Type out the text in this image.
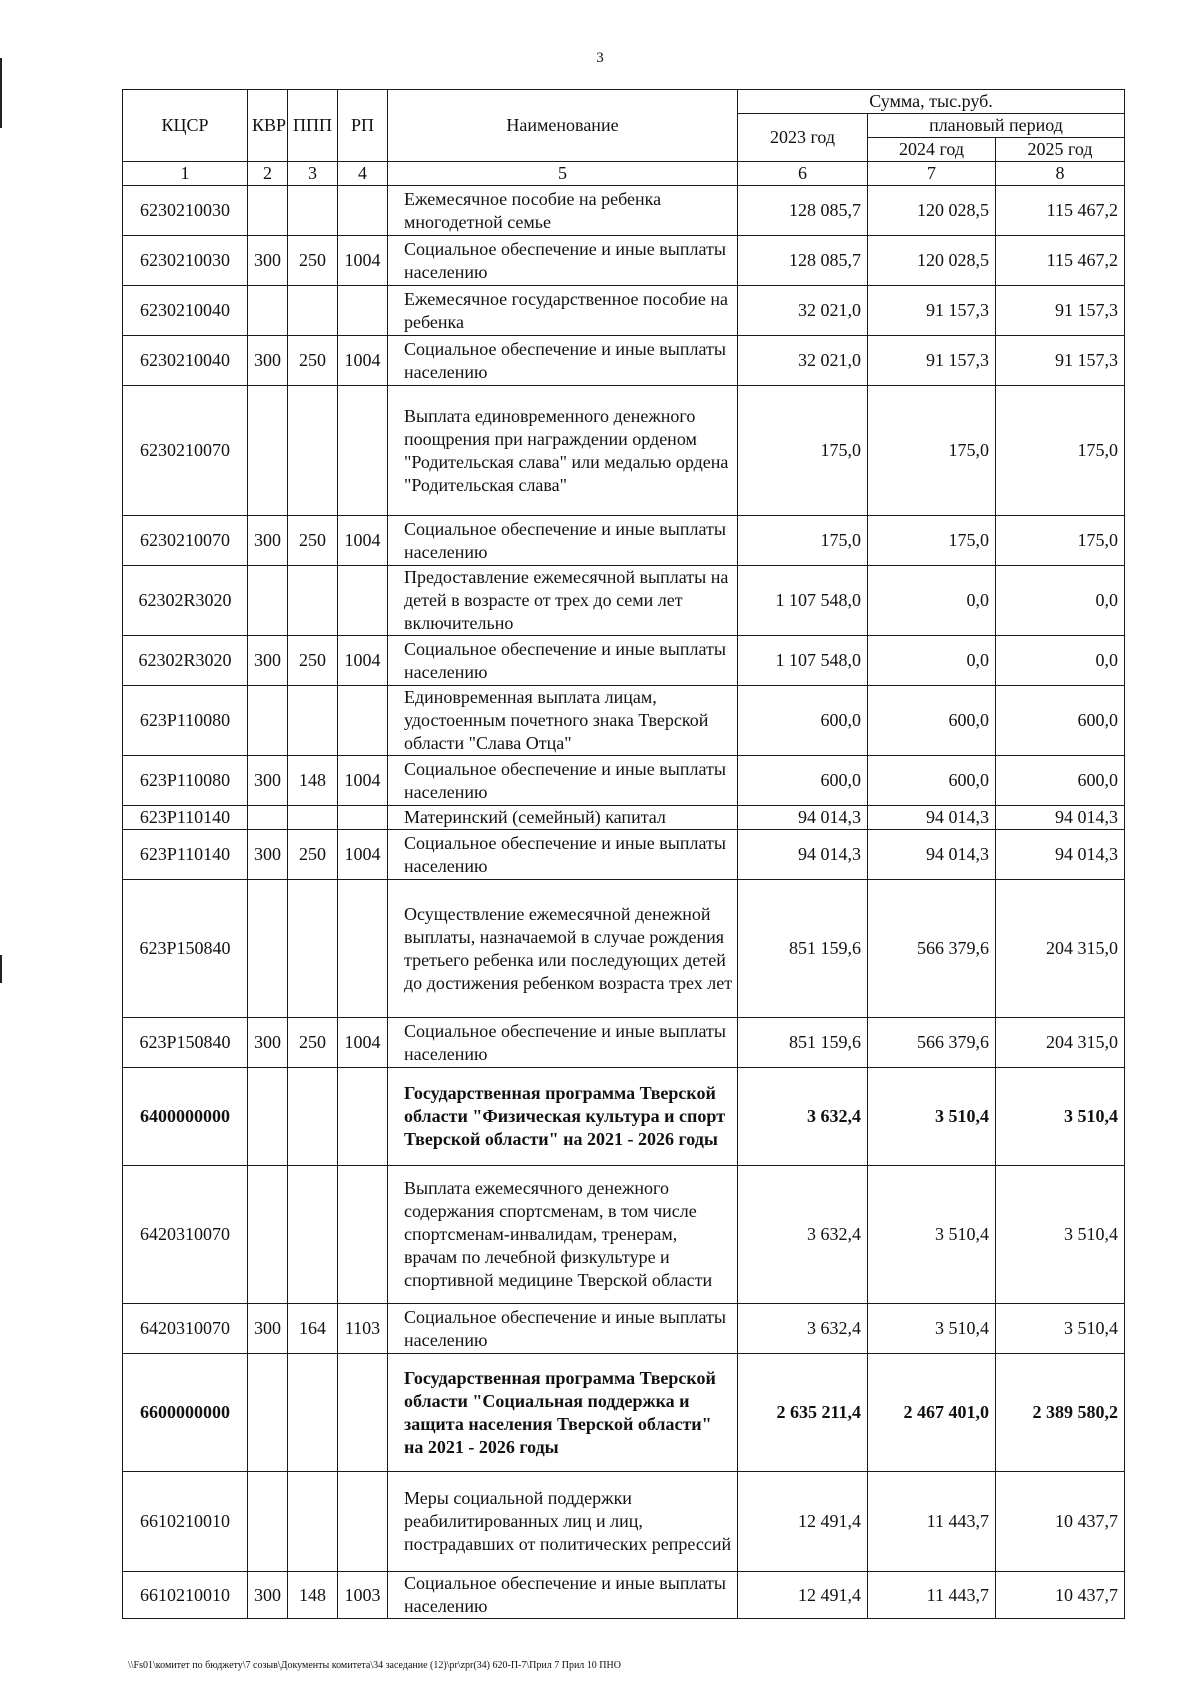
3
КЦСР	КВР	ППП	РП	Наименование	Сумма, тыс.руб.		
					2023 год	плановый период	
						2024 год	2025 год
1	2	3	4	5	6	7	8
6230210030				Ежемесячное пособие на ребенка многодетной семье	128 085,7	120 028,5	115 467,2
6230210030	300	250	1004	Социальное обеспечение и иные выплаты населению	128 085,7	120 028,5	115 467,2
6230210040				Ежемесячное государственное пособие на ребенка	32 021,0	91 157,3	91 157,3
6230210040	300	250	1004	Социальное обеспечение и иные выплаты населению	32 021,0	91 157,3	91 157,3
6230210070				Выплата единовременного денежного поощрения при награждении орденом "Родительская слава" или медалью ордена "Родительская слава"	175,0	175,0	175,0
6230210070	300	250	1004	Социальное обеспечение и иные выплаты населению	175,0	175,0	175,0
62302R3020				Предоставление ежемесячной выплаты на детей в возрасте от трех до семи лет включительно	1 107 548,0	0,0	0,0
62302R3020	300	250	1004	Социальное обеспечение и иные выплаты населению	1 107 548,0	0,0	0,0
623P110080				Единовременная выплата лицам, удостоенным почетного знака Тверской области "Слава Отца"	600,0	600,0	600,0
623P110080	300	148	1004	Социальное обеспечение и иные выплаты населению	600,0	600,0	600,0
623P110140				Материнский (семейный) капитал	94 014,3	94 014,3	94 014,3
623P110140	300	250	1004	Социальное обеспечение и иные выплаты населению	94 014,3	94 014,3	94 014,3
623P150840				Осуществление ежемесячной денежной выплаты, назначаемой в случае рождения третьего ребенка или последующих детей до достижения ребенком возраста трех лет	851 159,6	566 379,6	204 315,0
623P150840	300	250	1004	Социальное обеспечение и иные выплаты населению	851 159,6	566 379,6	204 315,0
6400000000				Государственная программа Тверской области "Физическая культура и спорт Тверской области" на 2021 - 2026 годы	3 632,4	3 510,4	3 510,4
6420310070				Выплата ежемесячного денежного содержания спортсменам, в том числе спортсменам-инвалидам, тренерам, врачам по лечебной физкультуре и спортивной медицине Тверской области	3 632,4	3 510,4	3 510,4
6420310070	300	164	1103	Социальное обеспечение и иные выплаты населению	3 632,4	3 510,4	3 510,4
6600000000				Государственная программа Тверской области "Социальная поддержка и защита населения Тверской области" на 2021 - 2026 годы	2 635 211,4	2 467 401,0	2 389 580,2
6610210010				Меры социальной поддержки реабилитированных лиц и лиц, пострадавших от политических репрессий	12 491,4	11 443,7	10 437,7
6610210010	300	148	1003	Социальное обеспечение и иные выплаты населению	12 491,4	11 443,7	10 437,7
\\Fs01\комитет по бюджету\7 созыв\Документы комитета\34 заседание (12)\pr\zpr(34) 620-П-7\Прил 7 Прил 10 ПНО
